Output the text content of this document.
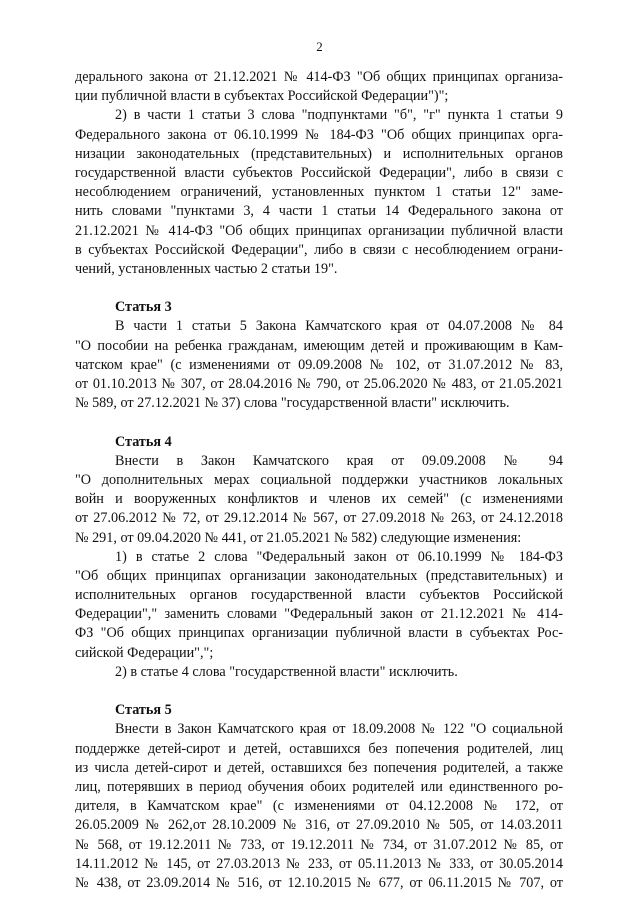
2
дерального закона от 21.12.2021 № 414-ФЗ "Об общих принципах организа-
ции публичной власти в субъектах Российской Федерации")";
2) в части 1 статьи 3 слова "подпунктами "б", "г" пункта 1 статьи 9
Федерального закона от 06.10.1999 № 184-ФЗ "Об общих принципах орга-
низации законодательных (представительных) и исполнительных органов
государственной власти субъектов Российской Федерации", либо в связи с
несоблюдением ограничений, установленных пунктом 1 статьи 12" заме-
нить словами "пунктами 3, 4 части 1 статьи 14 Федерального закона от
21.12.2021 № 414-ФЗ "Об общих принципах организации публичной власти
в субъектах Российской Федерации", либо в связи с несоблюдением ограни-
чений, установленных частью 2 статьи 19".
Статья 3
В части 1 статьи 5 Закона Камчатского края от 04.07.2008 № 84
"О пособии на ребенка гражданам, имеющим детей и проживающим в Кам-
чатском крае" (с изменениями от 09.09.2008 № 102, от 31.07.2012 № 83,
от 01.10.2013 № 307, от 28.04.2016 № 790, от 25.06.2020 № 483, от 21.05.2021
№ 589, от 27.12.2021 № 37) слова "государственной власти" исключить.
Статья 4
Внести в Закон Камчатского края от 09.09.2008 № 94
"О дополнительных мерах социальной поддержки участников локальных
войн и вооруженных конфликтов и членов их семей" (с изменениями
от 27.06.2012 № 72, от 29.12.2014 № 567, от 27.09.2018 № 263, от 24.12.2018
№ 291, от 09.04.2020 № 441, от 21.05.2021 № 582) следующие изменения:
1) в статье 2 слова "Федеральный закон от 06.10.1999 № 184-ФЗ
"Об общих принципах организации законодательных (представительных) и
исполнительных органов государственной власти субъектов Российской
Федерации"," заменить словами "Федеральный закон от 21.12.2021 № 414-
ФЗ "Об общих принципах организации публичной власти в субъектах Рос-
сийской Федерации",";
2) в статье 4 слова "государственной власти" исключить.
Статья 5
Внести в Закон Камчатского края от 18.09.2008 № 122 "О социальной
поддержке детей-сирот и детей, оставшихся без попечения родителей, лиц
из числа детей-сирот и детей, оставшихся без попечения родителей, а также
лиц, потерявших в период обучения обоих родителей или единственного ро-
дителя, в Камчатском крае" (с изменениями от 04.12.2008 № 172, от
26.05.2009 № 262,от 28.10.2009 № 316, от 27.09.2010 № 505, от 14.03.2011
№ 568, от 19.12.2011 № 733, от 19.12.2011 № 734, от 31.07.2012 № 85, от
14.11.2012 № 145, от 27.03.2013 № 233, от 05.11.2013 № 333, от 30.05.2014
№ 438, от 23.09.2014 № 516, от 12.10.2015 № 677, от 06.11.2015 № 707, от
